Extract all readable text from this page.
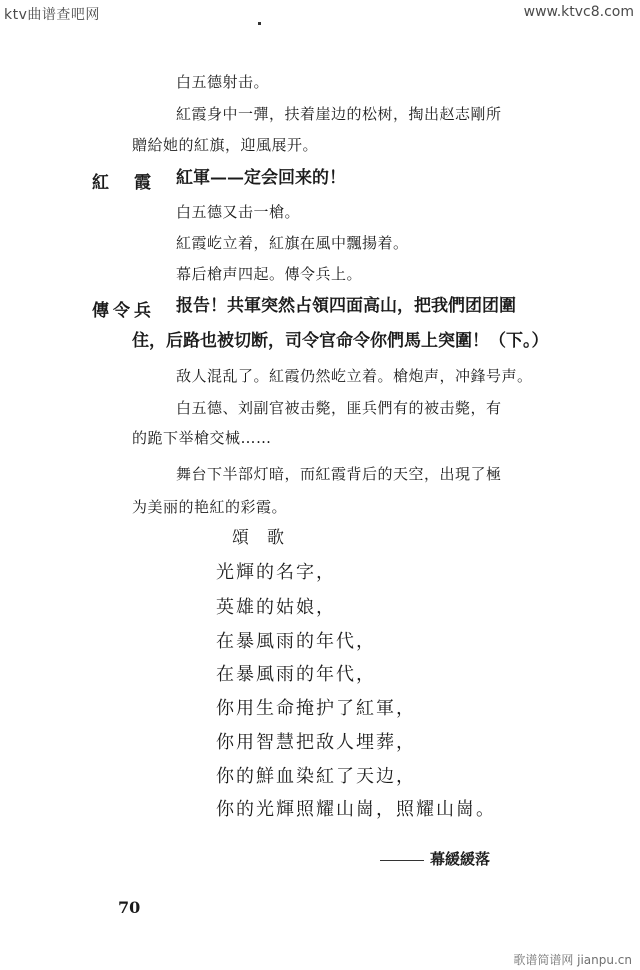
ktv曲谱查吧网	www.ktvc8.com
白五德射击。
紅霞身中一彈，扶着崖边的松树，掏出赵志剛所
贈給她的紅旗，迎風展开。
紅　霞 紅軍——定会回来的！
白五德又击一槍。
紅霞屹立着，紅旗在風中飄揚着。
幕后槍声四起。傳令兵上。
傳令兵 报告！共軍突然占領四面高山，把我們团团圍
住，后路也被切断，司令官命令你們馬上突圍！（下。）
敌人混乱了。紅霞仍然屹立着。槍炮声，冲鋒号声。
白五德、刘副官被击斃，匪兵們有的被击斃，有
的跪下举槍交械……
舞台下半部灯暗，而紅霞背后的天空，出現了極
为美丽的艳紅的彩霞。
頌歌
光輝的名字，
英雄的姑娘，
在暴風雨的年代，
在暴風雨的年代，
你用生命掩护了紅軍，
你用智慧把敌人埋葬，
你的鮮血染紅了天边，
你的光輝照耀山崗，照耀山崗。
幕緩緩落
70
歌谱简谱网 jianpu.cn
